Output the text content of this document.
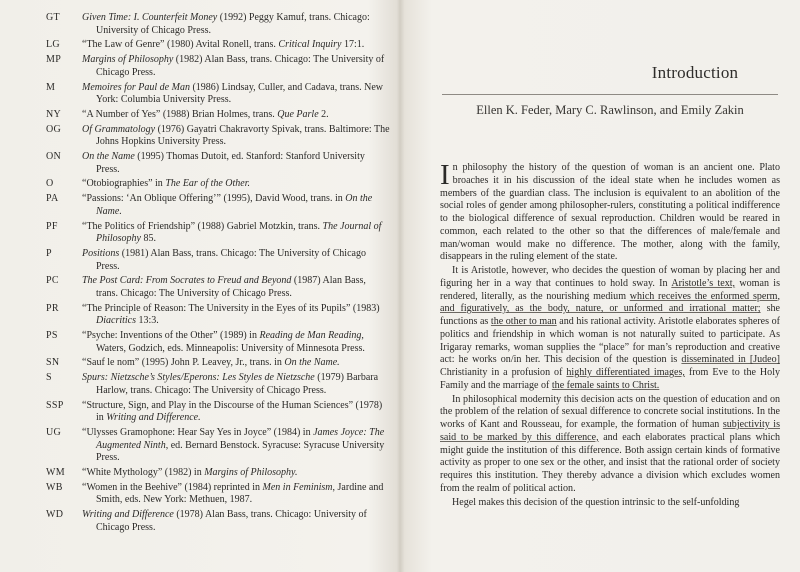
GT	Given Time: I. Counterfeit Money (1992) Peggy Kamuf, trans. Chicago: University of Chicago Press.
LG	“The Law of Genre” (1980) Avital Ronell, trans. Critical Inquiry 17:1.
MP	Margins of Philosophy (1982) Alan Bass, trans. Chicago: The University of Chicago Press.
M	Memoires for Paul de Man (1986) Lindsay, Culler, and Cadava, trans. New York: Columbia University Press.
NY	“A Number of Yes” (1988) Brian Holmes, trans. Que Parle 2.
OG	Of Grammatology (1976) Gayatri Chakravorty Spivak, trans. Baltimore: The Johns Hopkins University Press.
ON	On the Name (1995) Thomas Dutoit, ed. Stanford: Stanford University Press.
O	“Otobiographies” in The Ear of the Other.
PA	“Passions: ‘An Oblique Offering’” (1995), David Wood, trans. in On the Name.
PF	“The Politics of Friendship” (1988) Gabriel Motzkin, trans. The Journal of Philosophy 85.
P	Positions (1981) Alan Bass, trans. Chicago: The University of Chicago Press.
PC	The Post Card: From Socrates to Freud and Beyond (1987) Alan Bass, trans. Chicago: The University of Chicago Press.
PR	“The Principle of Reason: The University in the Eyes of its Pupils” (1983) Diacritics 13:3.
PS	“Psyche: Inventions of the Other” (1989) in Reading de Man Reading, Waters, Godzich, eds. Minneapolis: University of Minnesota Press.
SN	“Sauf le nom” (1995) John P. Leavey, Jr., trans. in On the Name.
S	Spurs: Nietzsche’s Styles/Eperons: Les Styles de Nietzsche (1979) Barbara Harlow, trans. Chicago: The University of Chicago Press.
SSP	“Structure, Sign, and Play in the Discourse of the Human Sciences” (1978) in Writing and Difference.
UG	“Ulysses Gramophone: Hear Say Yes in Joyce” (1984) in James Joyce: The Augmented Ninth, ed. Bernard Benstock. Syracuse: Syracuse University Press.
WM	“White Mythology” (1982) in Margins of Philosophy.
WB	“Women in the Beehive” (1984) reprinted in Men in Feminism, Jardine and Smith, eds. New York: Methuen, 1987.
WD	Writing and Difference (1978) Alan Bass, trans. Chicago: University of Chicago Press.

Introduction
Ellen K. Feder, Mary C. Rawlinson, and Emily Zakin

In philosophy the history of the question of woman is an ancient one. Plato broaches it in his discussion of the ideal state when he includes women as members of the guardian class. The inclusion is equivalent to an abolition of the social roles of gender among philosopher-rulers, constituting a political indifference to the biological difference of sexual reproduction. Children would be reared in common, each related to the other so that the differences of male/female and man/woman would make no difference. The mother, along with the family, disappears in the ruling element of the state.

It is Aristotle, however, who decides the question of woman by placing her and figuring her in a way that continues to hold sway. In Aristotle’s text, woman is rendered, literally, as the nourishing medium which receives the enformed sperm, and figuratively, as the body, nature, or unformed and irrational matter; she functions as the other to man and his rational activity. Aristotle elaborates spheres of politics and friendship in which woman is not naturally suited to participate. As Irigaray remarks, woman supplies the “place” for man’s reproduction and creative act: he works on/in her. This decision of the question is disseminated in [Judeo] Christianity in a profusion of highly differentiated images, from Eve to the Holy Family and the marriage of the female saints to Christ.

In philosophical modernity this decision acts on the question of education and on the problem of the relation of sexual difference to concrete social institutions. In the works of Kant and Rousseau, for example, the formation of human subjectivity is said to be marked by this difference, and each elaborates practical plans which might guide the institution of this difference. Both assign certain kinds of formative activity as proper to one sex or the other, and insist that the rational order of society requires this institution. They thereby advance a division which excludes women from the realm of political action.

Hegel makes this decision of the question intrinsic to the self-unfolding
